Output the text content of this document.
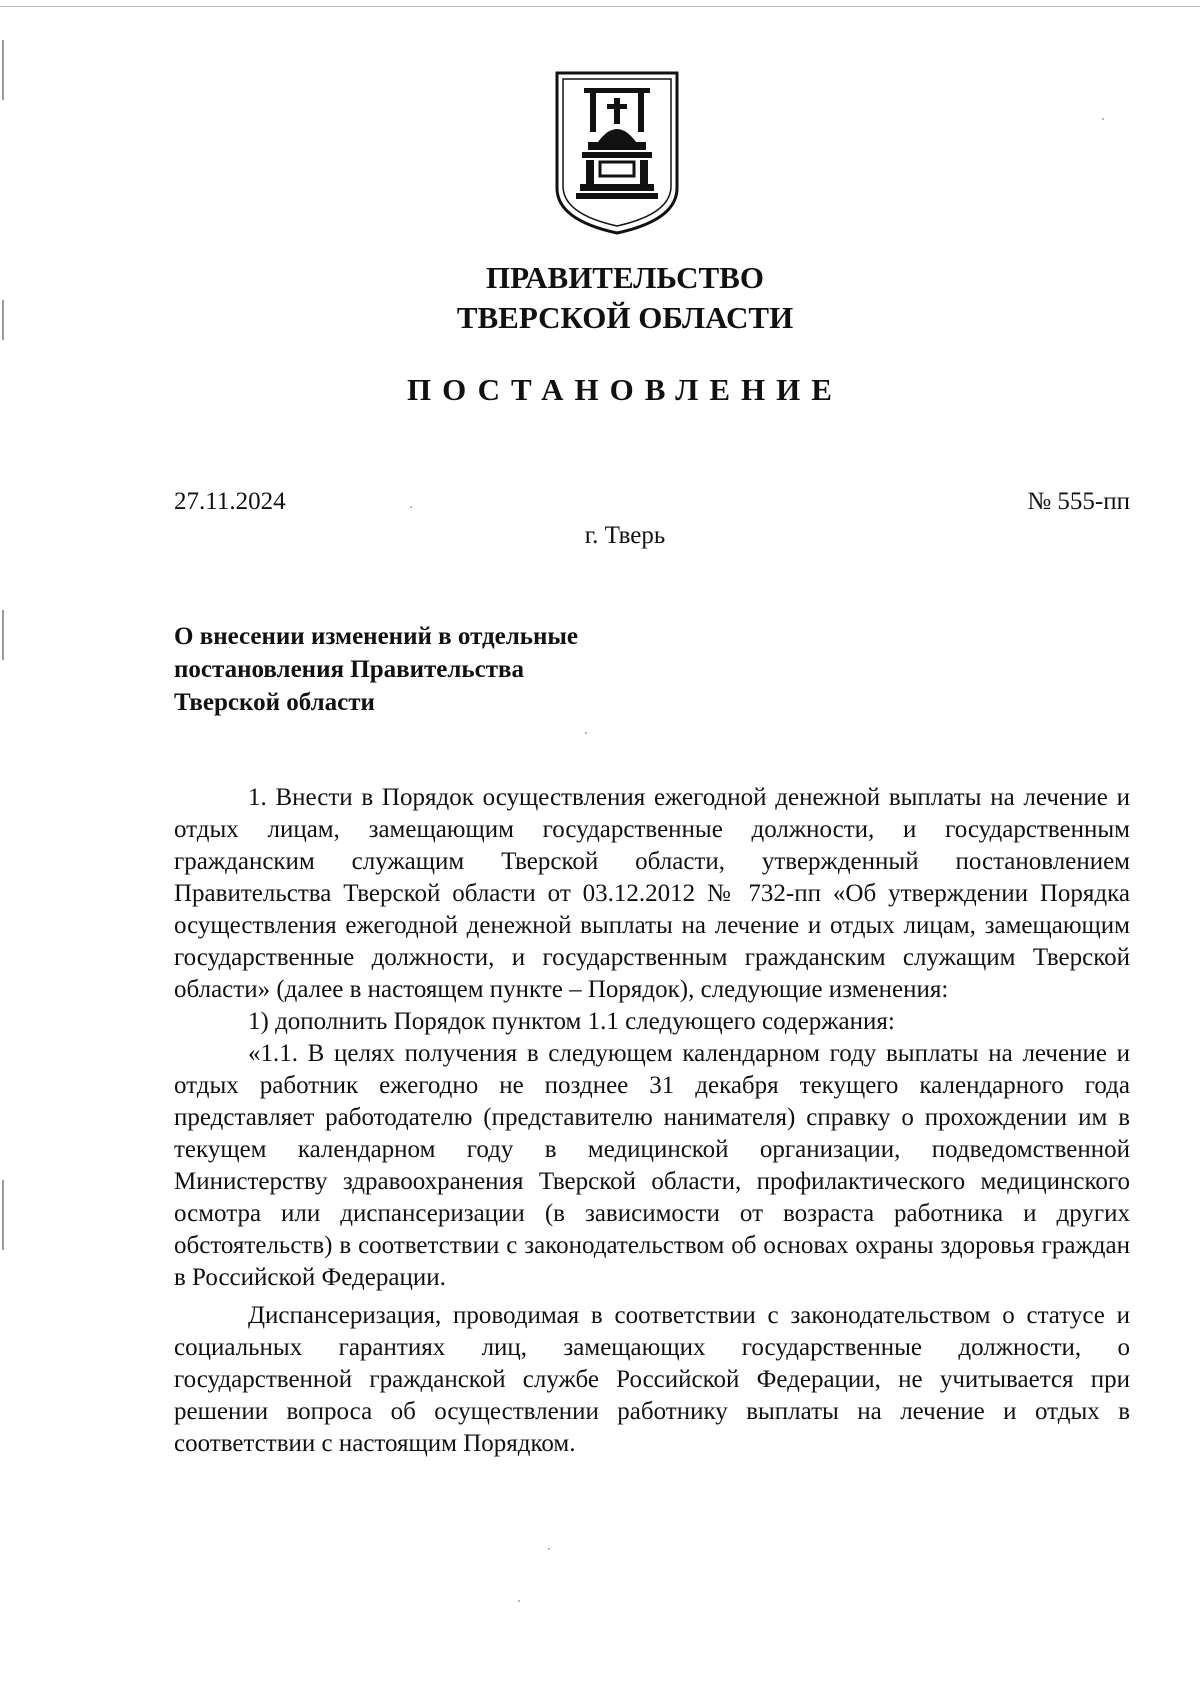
ПРАВИТЕЛЬСТВО
ТВЕРСКОЙ ОБЛАСТИ
ПОСТАНОВЛЕНИЕ
27.11.2024	№ 555-пп
г. Тверь
О внесении изменений в отдельные
постановления Правительства
Тверской области

1. Внести в Порядок осуществления ежегодной денежной выплаты на лечение и отдых лицам, замещающим государственные должности, и государственным гражданским служащим Тверской области, утвержденный постановлением Правительства Тверской области от 03.12.2012 № 732-пп «Об утверждении Порядка осуществления ежегодной денежной выплаты на лечение и отдых лицам, замещающим государственные должности, и государственным гражданским служащим Тверской области» (далее в настоящем пункте – Порядок), следующие изменения:

1) дополнить Порядок пунктом 1.1 следующего содержания:

«1.1. В целях получения в следующем календарном году выплаты на лечение и отдых работник ежегодно не позднее 31 декабря текущего календарного года представляет работодателю (представителю нанимателя) справку о прохождении им в текущем календарном году в медицинской организации, подведомственной Министерству здравоохранения Тверской области, профилактического медицинского осмотра или диспансеризации (в зависимости от возраста работника и других обстоятельств) в соответствии с законодательством об основах охраны здоровья граждан в Российской Федерации.

Диспансеризация, проводимая в соответствии с законодательством о статусе и социальных гарантиях лиц, замещающих государственные должности, о государственной гражданской службе Российской Федерации, не учитывается при решении вопроса об осуществлении работнику выплаты на лечение и отдых в соответствии с настоящим Порядком.
